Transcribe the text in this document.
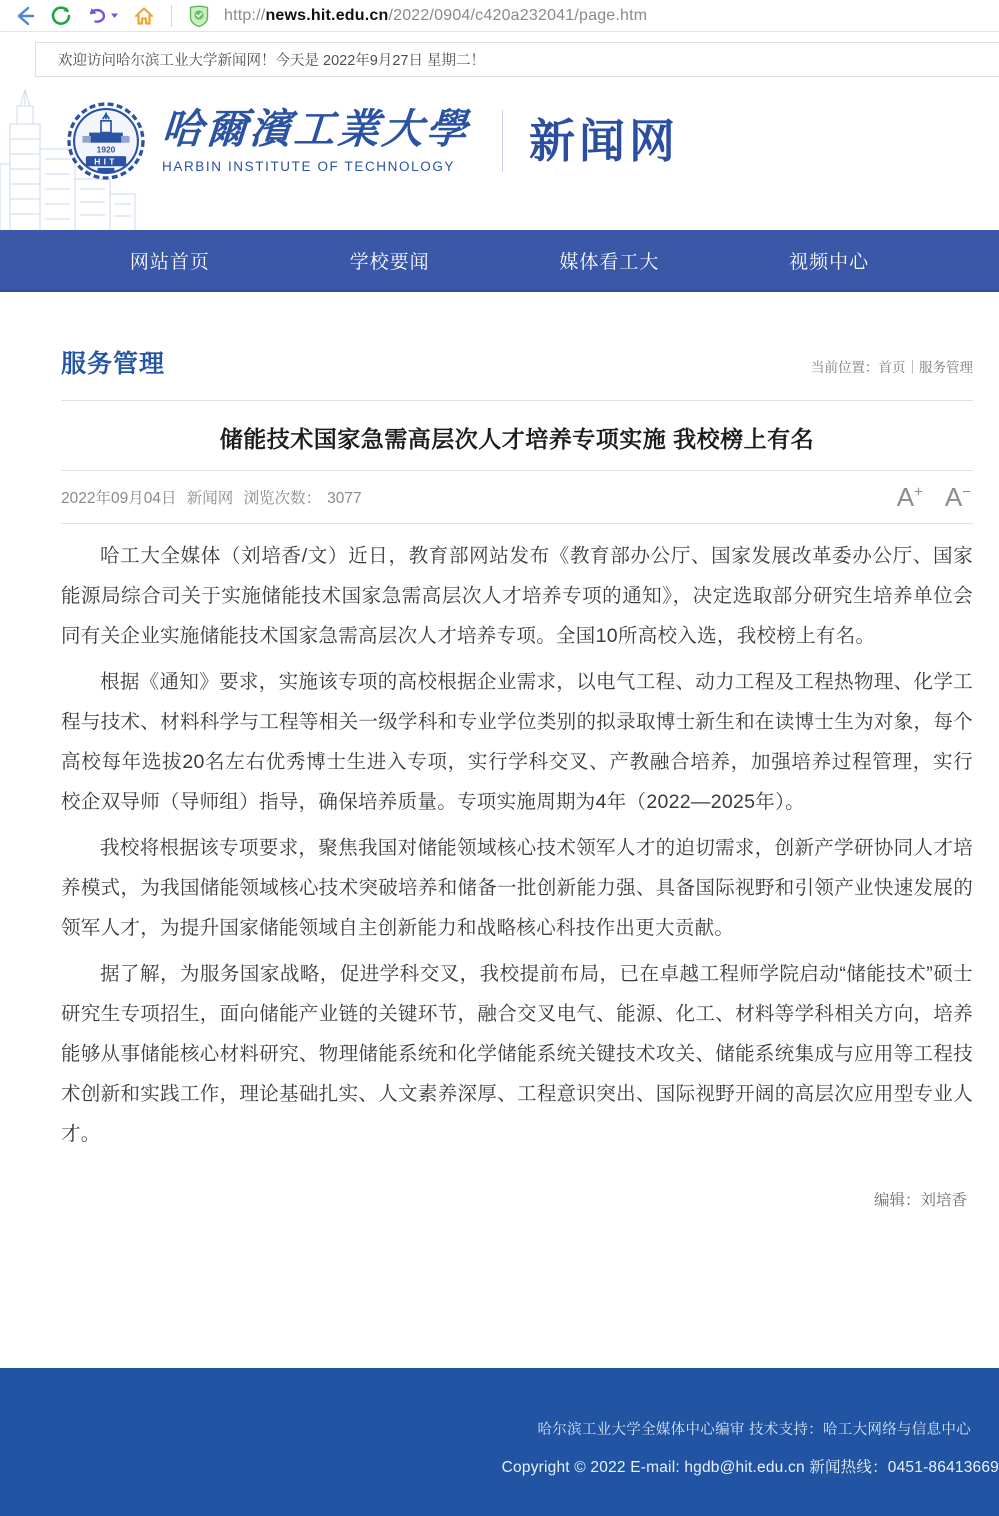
http://news.hit.edu.cn/2022/0904/c420a232041/page.htm
欢迎访问哈尔滨工业大学新闻网！今天是 2022年9月27日 星期二！
1920
HIT
哈爾濱工業大學
HARBIN INSTITUTE OF TECHNOLOGY	新闻网
网站首页	学校要闻	媒体看工大	视频中心
服务管理	当前位置：首页｜服务管理
储能技术国家急需高层次人才培养专项实施 我校榜上有名
2022年09月04日 新闻网 浏览次数： 3077	A+ A−

哈工大全媒体（刘培香/文）近日，教育部网站发布《教育部办公厅、国家发展改革委办公厅、国家能源局综合司关于实施储能技术国家急需高层次人才培养专项的通知》，决定选取部分研究生培养单位会同有关企业实施储能技术国家急需高层次人才培养专项。全国10所高校入选，我校榜上有名。

根据《通知》要求，实施该专项的高校根据企业需求，以电气工程、动力工程及工程热物理、化学工程与技术、材料科学与工程等相关一级学科和专业学位类别的拟录取博士新生和在读博士生为对象，每个高校每年选拔20名左右优秀博士生进入专项，实行学科交叉、产教融合培养，加强培养过程管理，实行校企双导师（导师组）指导，确保培养质量。专项实施周期为4年（2022—2025年）。

我校将根据该专项要求，聚焦我国对储能领域核心技术领军人才的迫切需求，创新产学研协同人才培养模式，为我国储能领域核心技术突破培养和储备一批创新能力强、具备国际视野和引领产业快速发展的领军人才，为提升国家储能领域自主创新能力和战略核心科技作出更大贡献。

据了解，为服务国家战略，促进学科交叉，我校提前布局，已在卓越工程师学院启动“储能技术”硕士研究生专项招生，面向储能产业链的关键环节，融合交叉电气、能源、化工、材料等学科相关方向，培养能够从事储能核心材料研究、物理储能系统和化学储能系统关键技术攻关、储能系统集成与应用等工程技术创新和实践工作，理论基础扎实、人文素养深厚、工程意识突出、国际视野开阔的高层次应用型专业人才。

编辑：刘培香
哈尔滨工业大学全媒体中心编审 技术支持：哈工大网络与信息中心
Copyright © 2022 E-mail: hgdb@hit.edu.cn 新闻热线：0451-86413669
